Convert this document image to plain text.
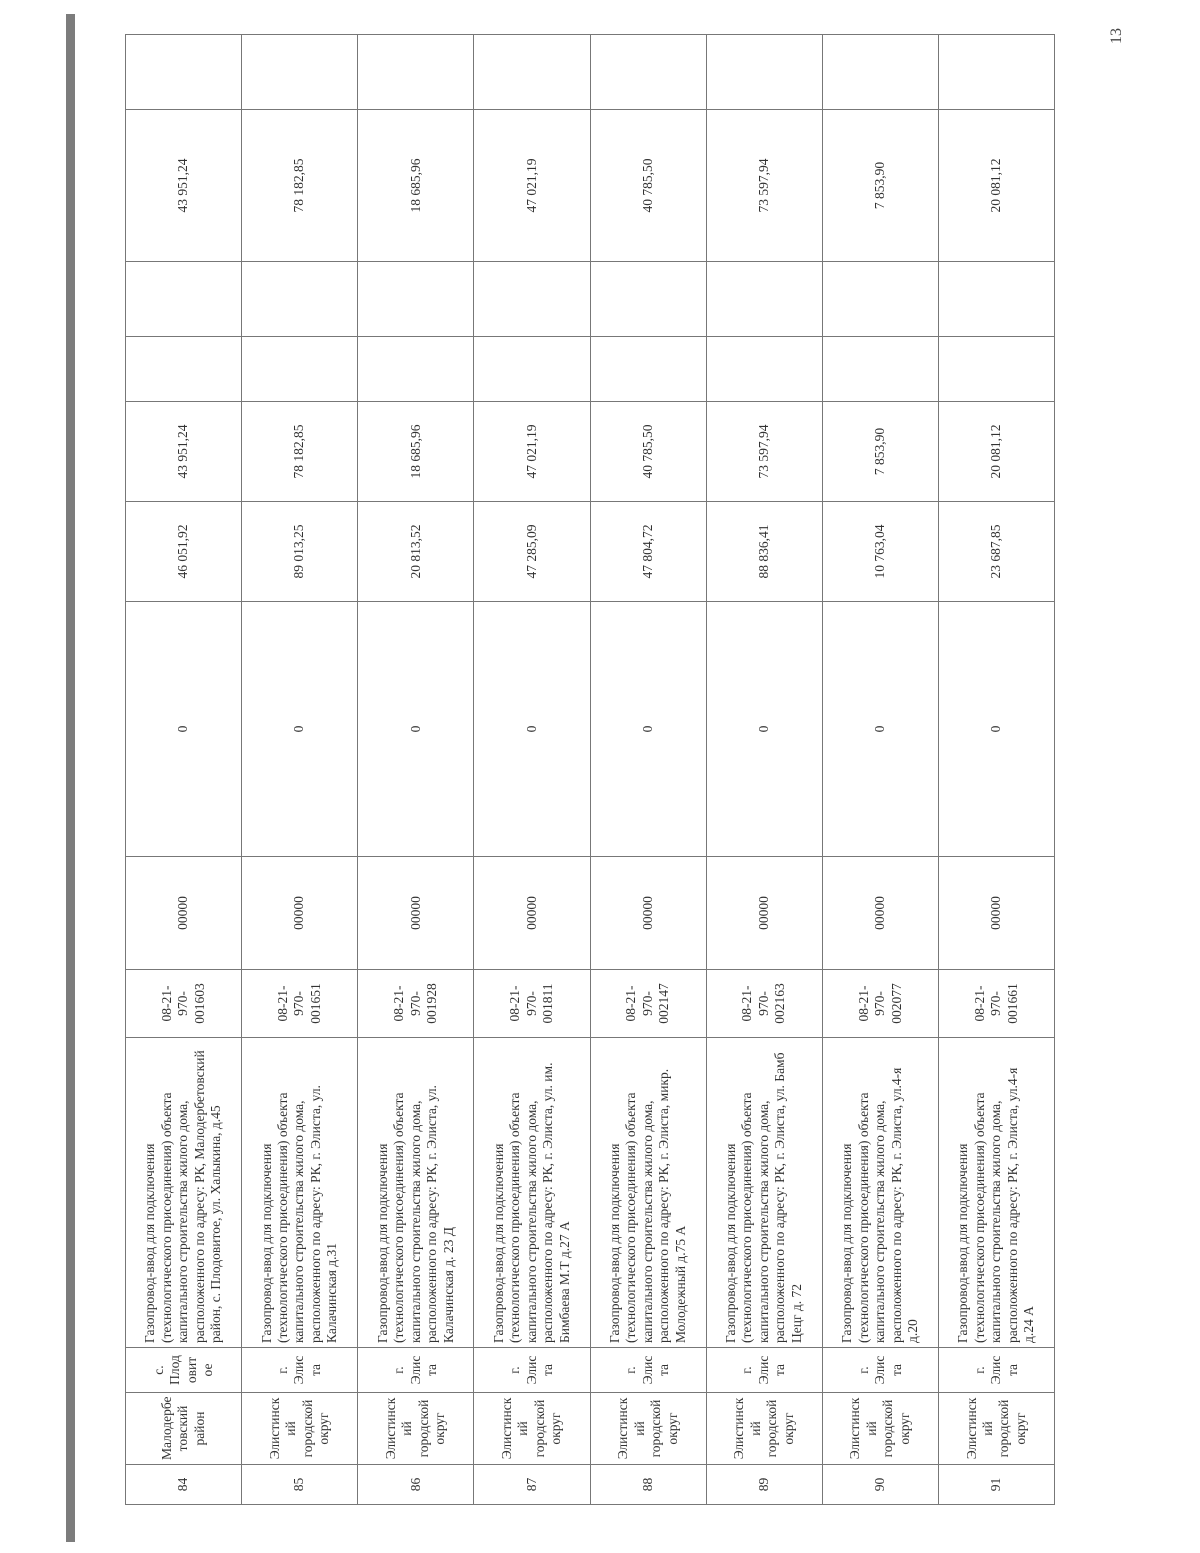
13
84	Малодербе товский район	с. Плод овит ое	Газопровод-ввод для подключения (технологического присоединения) объекта капитального строительства жилого дома, расположенного по адресу: РК, Малодербетовский район, с. Плодовитое, ул. Халыкина, д.45	08-21- 970- 001603	00000	0	46 051,92	43 951,24			43 951,24	
85	Элистинск ий городской округ	г. Элис та	Газопровод-ввод для подключения (технологического присоединения) объекта капитального строительства жилого дома, расположенного по адресу: РК, г. Элиста, ул. Калачинская д.31	08-21- 970- 001651	00000	0	89 013,25	78 182,85			78 182,85	
86	Элистинск ий городской округ	г. Элис та	Газопровод-ввод для подключения (технологического присоединения) объекта капитального строительства жилого дома, расположенного по адресу: РК, г. Элиста, ул. Калачинская д. 23 Д	08-21- 970- 001928	00000	0	20 813,52	18 685,96			18 685,96	
87	Элистинск ий городской округ	г. Элис та	Газопровод-ввод для подключения (технологического присоединения) объекта капитального строительства жилого дома, расположенного по адресу: РК, г. Элиста, ул. им. Бимбаева М.Т д.27 А	08-21- 970- 001811	00000	0	47 285,09	47 021,19			47 021,19	
88	Элистинск ий городской округ	г. Элис та	Газопровод-ввод для подключения (технологического присоединения) объекта капитального строительства жилого дома, расположенного по адресу: РК, г. Элиста, микр. Молодежный д.75 А	08-21- 970- 002147	00000	0	47 804,72	40 785,50			40 785,50	
89	Элистинск ий городской округ	г. Элис та	Газопровод-ввод для подключения (технологического присоединения) объекта капитального строительства жилого дома, расположенного по адресу: РК, г. Элиста, ул. Бамб Цецг д. 72	08-21- 970- 002163	00000	0	88 836,41	73 597,94			73 597,94	
90	Элистинск ий городской округ	г. Элис та	Газопровод-ввод для подключения (технологического присоединения) объекта капитального строительства жилого дома, расположенного по адресу: РК, г. Элиста, ул.4-я д.20	08-21- 970- 002077	00000	0	10 763,04	7 853,90			7 853,90	
91	Элистинск ий городской округ	г. Элис та	Газопровод-ввод для подключения (технологического присоединения) объекта капитального строительства жилого дома, расположенного по адресу: РК, г. Элиста, ул.4-я д.24 А	08-21- 970- 001661	00000	0	23 687,85	20 081,12			20 081,12	
